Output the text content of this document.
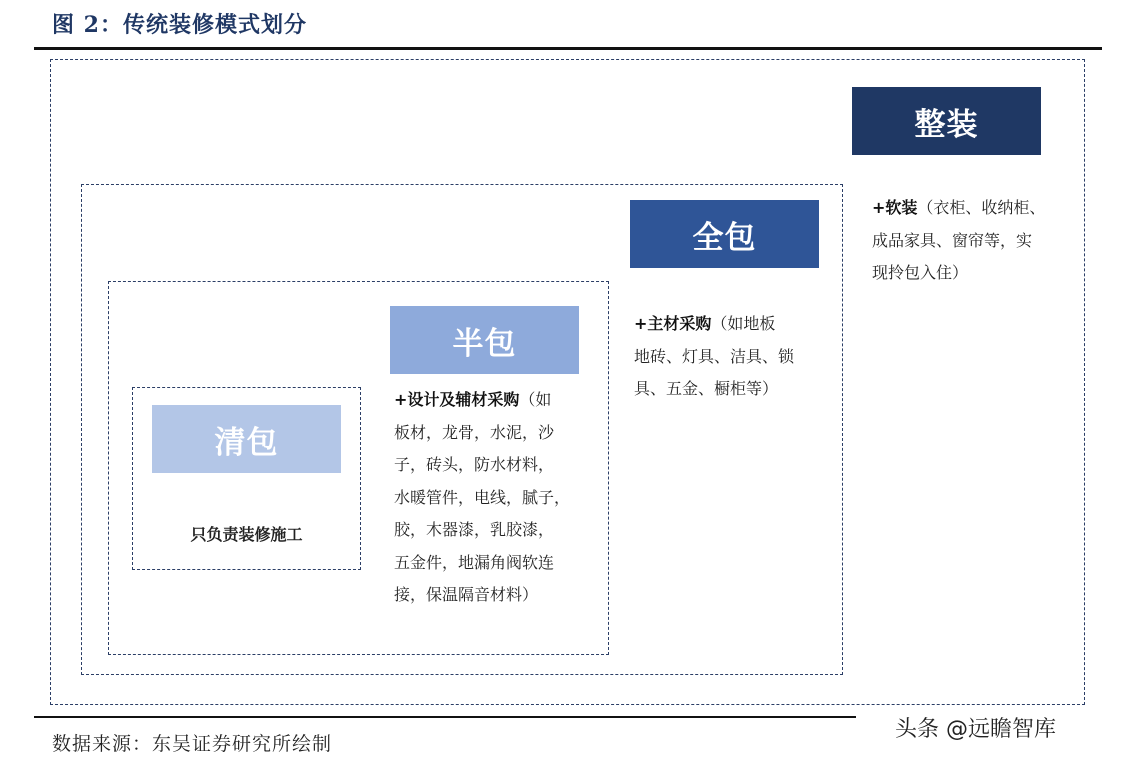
图 2：传统装修模式划分
清包
半包
全包
整装
只负责装修施工
+设计及辅材采购（如
板材，龙骨，水泥，沙
子，砖头，防水材料，
水暖管件，电线，腻子，
胶，木器漆，乳胶漆，
五金件，地漏角阀软连
接，保温隔音材料）
+主材采购（如地板
地砖、灯具、洁具、锁
具、五金、橱柜等）
+软装（衣柜、收纳柜、
成品家具、窗帘等，实
现拎包入住）
数据来源：东吴证券研究所绘制
头条 @远瞻智库
